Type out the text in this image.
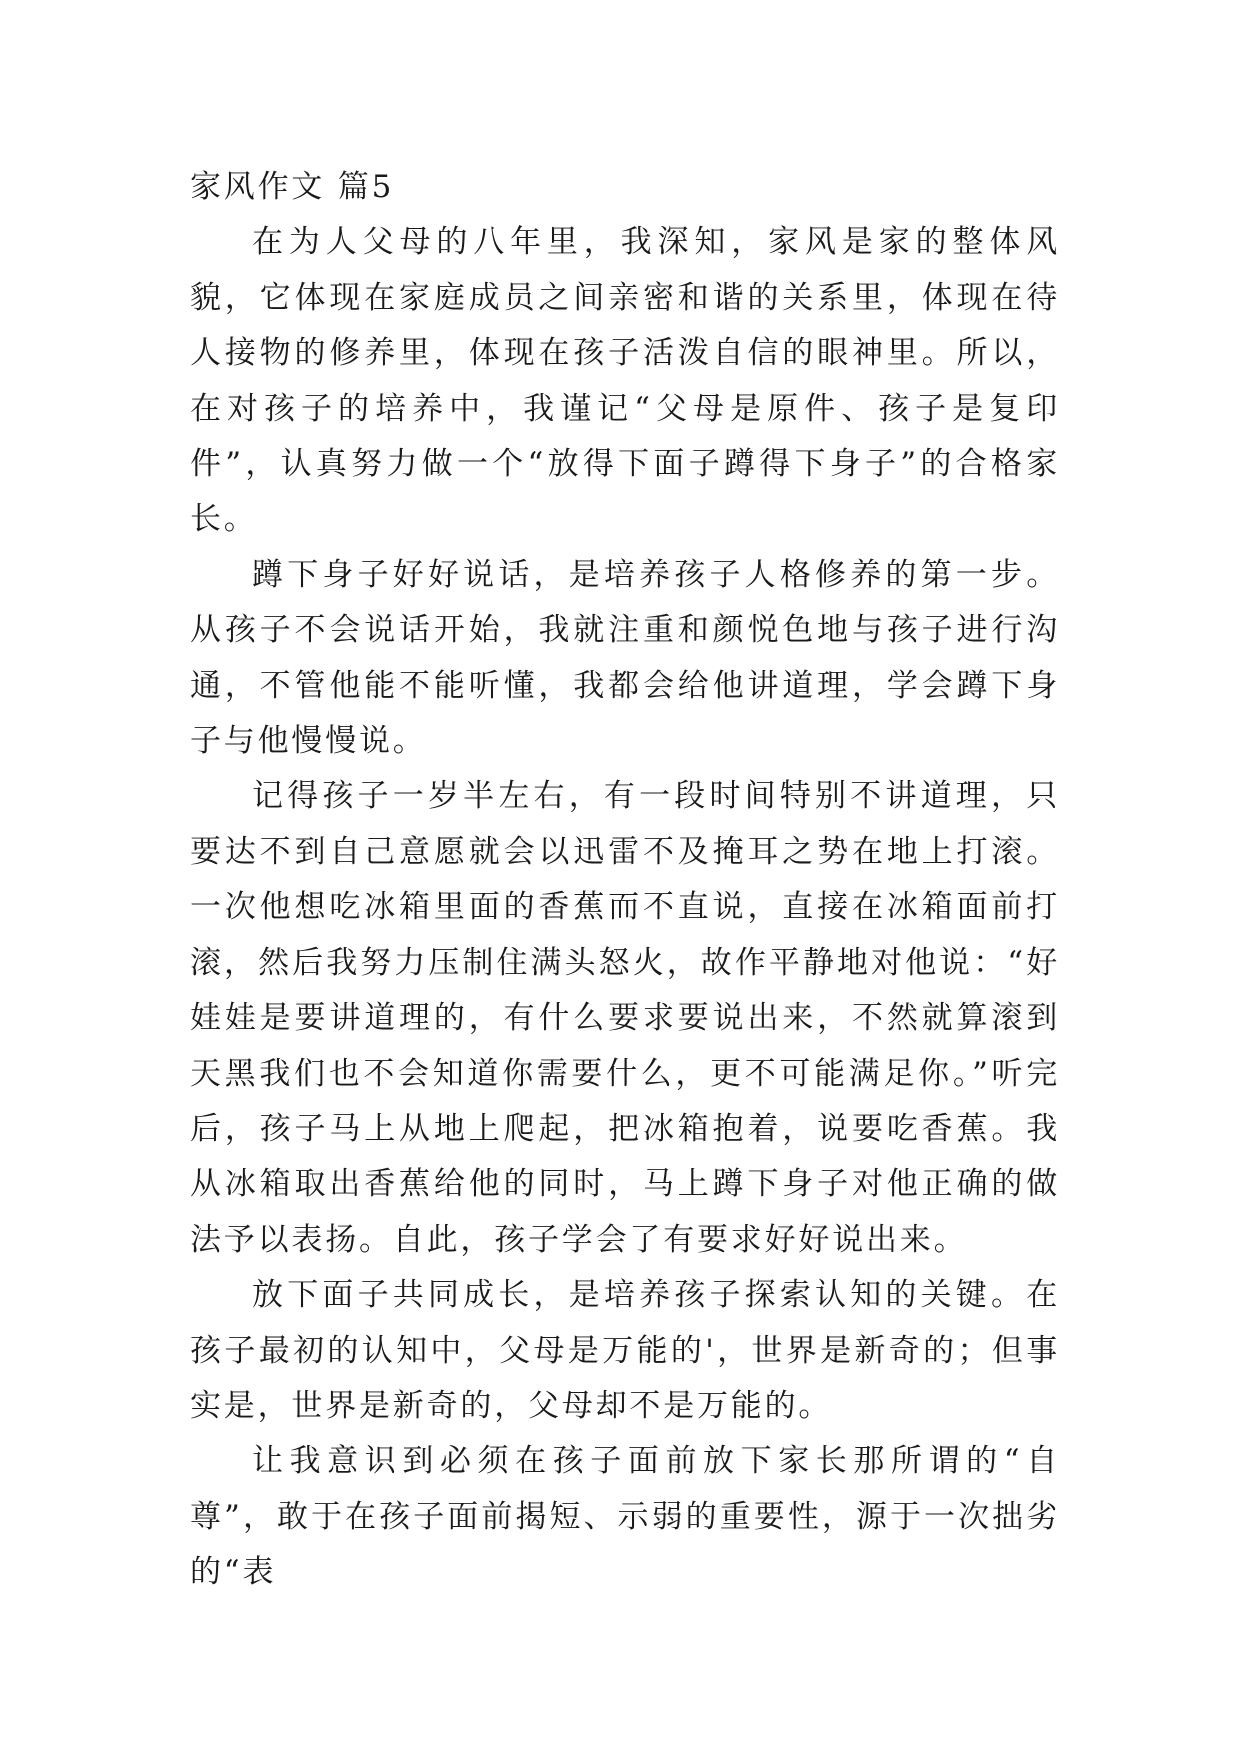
家风作文 篇5

在为人父母的八年里，我深知，家风是家的整体风貌，它体现在家庭成员之间亲密和谐的关系里，体现在待人接物的修养里，体现在孩子活泼自信的眼神里。所以，在对孩子的培养中，我谨记“父母是原件、孩子是复印件”，认真努力做一个“放得下面子蹲得下身子”的合格家长。

蹲下身子好好说话，是培养孩子人格修养的第一步。从孩子不会说话开始，我就注重和颜悦色地与孩子进行沟通，不管他能不能听懂，我都会给他讲道理，学会蹲下身子与他慢慢说。

记得孩子一岁半左右，有一段时间特别不讲道理，只要达不到自己意愿就会以迅雷不及掩耳之势在地上打滚。一次他想吃冰箱里面的香蕉而不直说，直接在冰箱面前打滚，然后我努力压制住满头怒火，故作平静地对他说：“好娃娃是要讲道理的，有什么要求要说出来，不然就算滚到天黑我们也不会知道你需要什么，更不可能满足你。”听完后，孩子马上从地上爬起，把冰箱抱着，说要吃香蕉。我从冰箱取出香蕉给他的同时，马上蹲下身子对他正确的做法予以表扬。自此，孩子学会了有要求好好说出来。

放下面子共同成长，是培养孩子探索认知的关键。在孩子最初的认知中，父母是万能的'，世界是新奇的；但事实是，世界是新奇的，父母却不是万能的。

让我意识到必须在孩子面前放下家长那所谓的“自尊”，敢于在孩子面前揭短、示弱的重要性，源于一次拙劣的“表
